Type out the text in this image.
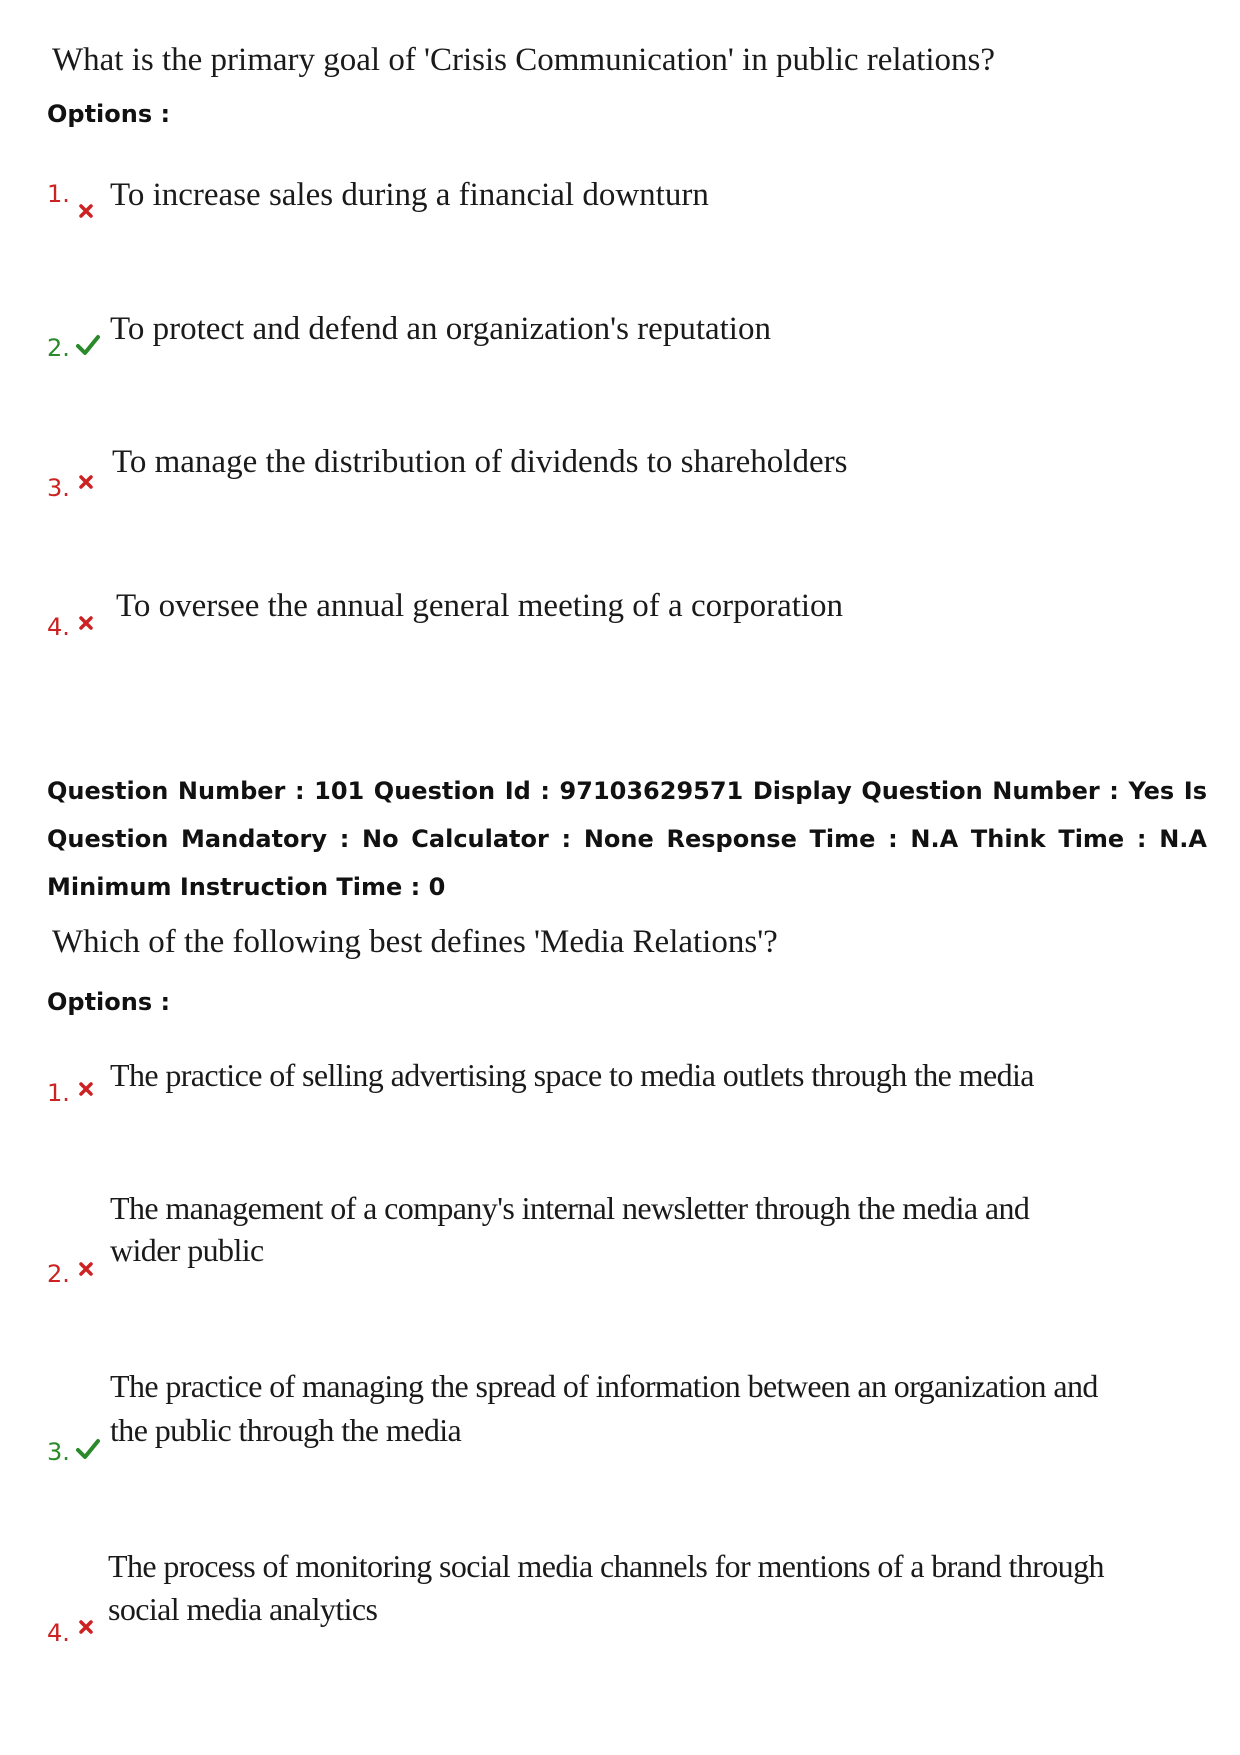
What is the primary goal of 'Crisis Communication' in public relations?
Options :
1. To increase sales during a financial downturn
2.
To protect and defend an organization's reputation
3.
To manage the distribution of dividends to shareholders
4.
To oversee the annual general meeting of a corporation
Question Number : 101 Question Id : 97103629571 Display Question Number : Yes Is Question Mandatory : No Calculator : None Response Time : N.A Think Time : N.A Minimum Instruction Time : 0
Which of the following best defines 'Media Relations'?
Options :
1. The practice of selling advertising space to media outlets through the media
2.
The management of a company's internal newsletter through the media and
wider public
3.
The practice of managing the spread of information between an organization and
the public through the media
4.
The process of monitoring social media channels for mentions of a brand through
social media analytics
